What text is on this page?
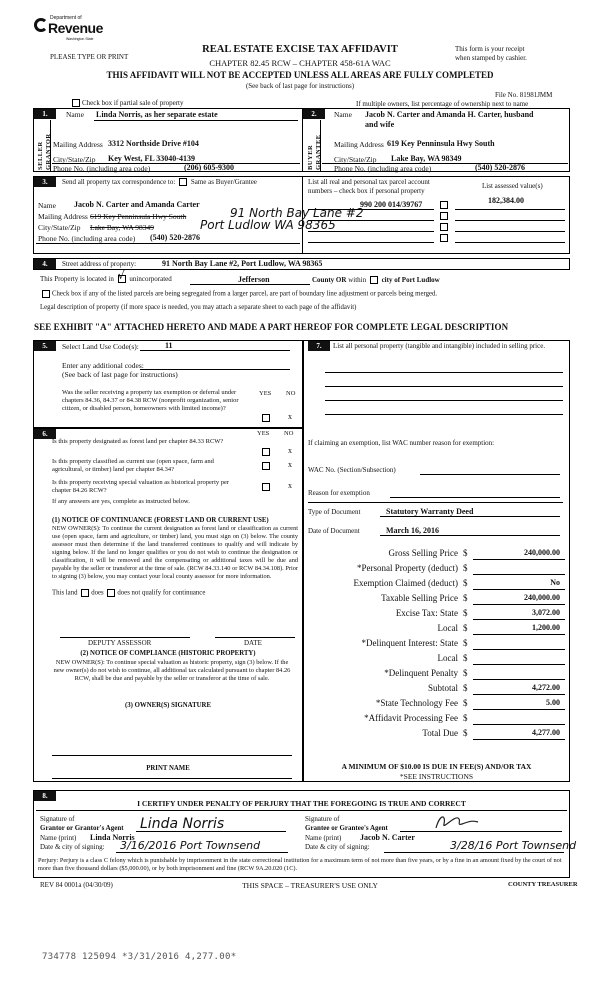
Department of
Revenue
Washington State
PLEASE TYPE OR PRINT
REAL ESTATE EXCISE TAX AFFIDAVIT
CHAPTER 82.45 RCW – CHAPTER 458-61A WAC
This form is your receipt
when stamped by cashier.
THIS AFFIDAVIT WILL NOT BE ACCEPTED UNLESS ALL AREAS ARE FULLY COMPLETED
(See back of last page for instructions)
File No. 81981JMM
Check box if partial sale of property	If multiple owners, list percentage of ownership next to name
1.
SELLER GRANTOR
Name Linda Norris, as her separate estate
Mailing Address 3312 Northside Drive #104
City/State/Zip Key West, FL 33040-4139
Phone No. (including area code)	(206) 605-9300
2.
BUYER GRANTEE
Name Jacob N. Carter and Amanda H. Carter, husband
and wife
Mailing Address 619 Key Penninsula Hwy South
City/State/Zip Lake Bay, WA 98349
Phone No. (including area code)	(540) 520-2876
3.	Send all property tax correspondence to: Same as Buyer/Grantee
Name Jacob N. Carter and Amanda Carter
Mailing Address 619 Key Penninsula Hwy South	91 North Bay Lane #2
City/State/Zip Lake Bay, WA 98349	Port Ludlow WA 98365
Phone No. (including area code) (540) 520-2876
List all real and personal tax parcel account
numbers – check box if personal property
List assessed value(s)
990 200 014/39767	182,384.00
4.	Street address of property:	91 North Bay Lane #2, Port Ludlow, WA 98365
This Property is located in √ unincorporated	Jefferson	County OR within city of Port Ludlow
Check box if any of the listed parcels are being segregated from a larger parcel, are part of boundary line adjustment or parcels being merged.
Legal description of property (if more space is needed, you may attach a separate sheet to each page of the affidavit)
SEE EXHIBIT "A" ATTACHED HERETO AND MADE A PART HEREOF FOR COMPLETE LEGAL DESCRIPTION
5.	Select Land Use Code(s):	11
Enter any additional codes:
(See back of last page for instructions)
Was the seller receiving a property tax exemption or deferral under chapters 84.36, 84.37 or 84.38 RCW (nonprofit organization, senior citizen, or disabled person, homeowners with limited income)?
YES NO
x
6.	YES NO
Is this property designated as forest land per chapter 84.33 RCW?
x
Is this property classified as current use (open space, farm and agricultural, or timber) land per chapter 84.34?
x
Is this property receiving special valuation as historical property per chapter 84.26 RCW?
x
If any answers are yes, complete as instructed below.
(1) NOTICE OF CONTINUANCE (FOREST LAND OR CURRENT USE)
NEW OWNER(S): To continue the current designation as forest land or classification as current use (open space, farm and agriculture, or timber) land, you must sign on (3) below. The county assessor must then determine if the land transferred continues to qualify and will indicate by signing below. If the land no longer qualifies or you do not wish to continue the designation or classification, it will be removed and the compensating or additional taxes will be due and payable by the seller or transferor at the time of sale. (RCW 84.33.140 or RCW 84.34.108). Prior to signing (3) below, you may contact your local county assessor for more information.
This land does does not qualify for continuance
DEPUTY ASSESSOR	DATE
(2) NOTICE OF COMPLIANCE (HISTORIC PROPERTY)
NEW OWNER(S): To continue special valuation as historic property, sign (3) below. If the new owner(s) do not wish to continue, all additional tax calculated pursuant to chapter 84.26 RCW, shall be due and payable by the seller or transferor at the time of sale.
(3) OWNER(S) SIGNATURE
PRINT NAME
7.	List all personal property (tangible and intangible) included in selling price.
If claiming an exemption, list WAC number reason for exemption:
WAC No. (Section/Subsection)
Reason for exemption
Type of Document	Statutory Warranty Deed
Date of Document	March 16, 2016
Gross Selling Price $	240,000.00
*Personal Property (deduct) $
Exemption Claimed (deduct) $	No
Taxable Selling Price $	240,000.00
Excise Tax: State $	3,072.00
Local $	1,200.00
*Delinquent Interest: State $
Local $
*Delinquent Penalty $
Subtotal $	4,272.00
*State Technology Fee $	5.00
*Affidavit Processing Fee $
Total Due $	4,277.00
A MINIMUM OF $10.00 IS DUE IN FEE(S) AND/OR TAX
*SEE INSTRUCTIONS
8.
I CERTIFY UNDER PENALTY OF PERJURY THAT THE FOREGOING IS TRUE AND CORRECT
Signature of
Grantor or Grantor's Agent Linda Norris
Name (print) Linda Norris
Date & city of signing: 3/16/2016 Port Townsend
Signature of
Grantee or Grantee's Agent
Name (print) Jacob N. Carter
Date & city of signing:	3/28/16 Port Townsend
Perjury: Perjury is a class C felony which is punishable by imprisonment in the state correctional institution for a maximum term of not more than five years, or by a fine in an amount fixed by the court of not more than five thousand dollars ($5,000.00), or by both imprisonment and fine (RCW 9A.20.020 (1C).
REV 84 0001a (04/30/09)	THIS SPACE – TREASURER'S USE ONLY	COUNTY TREASURER
734778 125094 *3/31/2016 4,277.00*
